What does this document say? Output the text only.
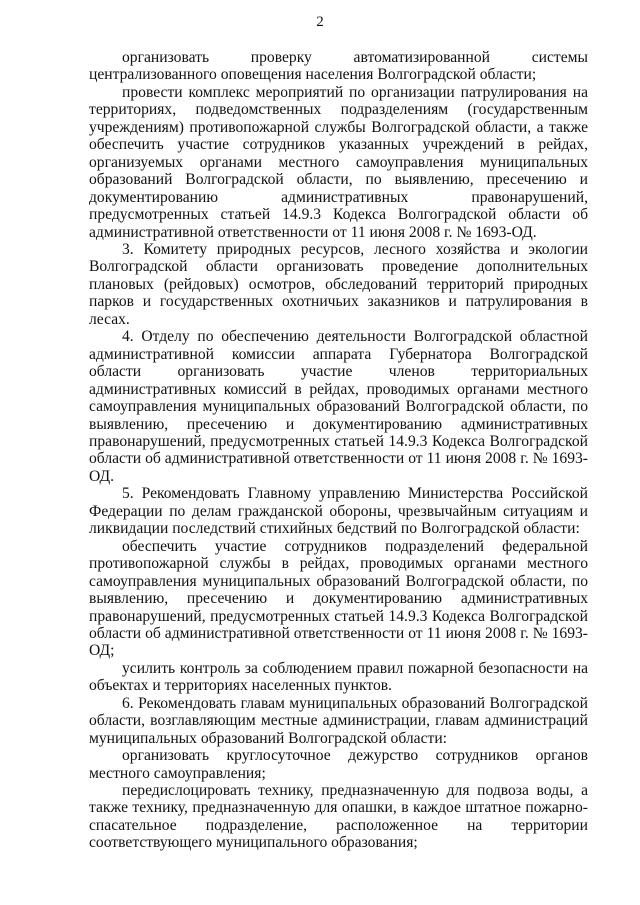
2

организовать проверку автоматизированной системы централизованного оповещения населения Волгоградской области;

провести комплекс мероприятий по организации патрулирования на территориях, подведомственных подразделениям (государственным учреждениям) противопожарной службы Волгоградской области, а также обеспечить участие сотрудников указанных учреждений в рейдах, организуемых органами местного самоуправления муниципальных образований Волгоградской области, по выявлению, пресечению и документированию административных правонарушений, предусмотренных статьей 14.9.3 Кодекса Волгоградской области об административной ответственности от 11 июня 2008 г. № 1693-ОД.

3. Комитету природных ресурсов, лесного хозяйства и экологии Волгоградской области организовать проведение дополнительных плановых (рейдовых) осмотров, обследований территорий природных парков и государственных охотничьих заказников и патрулирования в лесах.

4. Отделу по обеспечению деятельности Волгоградской областной административной комиссии аппарата Губернатора Волгоградской области организовать участие членов территориальных административных комиссий в рейдах, проводимых органами местного самоуправления муниципальных образований Волгоградской области, по выявлению, пресечению и документированию административных правонарушений, предусмотренных статьей 14.9.3 Кодекса Волгоградской области об административной ответственности от 11 июня 2008 г. № 1693-ОД.

5. Рекомендовать Главному управлению Министерства Российской Федерации по делам гражданской обороны, чрезвычайным ситуациям и ликвидации последствий стихийных бедствий по Волгоградской области:

обеспечить участие сотрудников подразделений федеральной противопожарной службы в рейдах, проводимых органами местного самоуправления муниципальных образований Волгоградской области, по выявлению, пресечению и документированию административных правонарушений, предусмотренных статьей 14.9.3 Кодекса Волгоградской области об административной ответственности от 11 июня 2008 г. № 1693-ОД;

усилить контроль за соблюдением правил пожарной безопасности на объектах и территориях населенных пунктов.

6. Рекомендовать главам муниципальных образований Волгоградской области, возглавляющим местные администрации, главам администраций муниципальных образований Волгоградской области:

организовать круглосуточное дежурство сотрудников органов местного самоуправления;

передислоцировать технику, предназначенную для подвоза воды, а также технику, предназначенную для опашки, в каждое штатное пожарно-спасательное подразделение, расположенное на территории соответствующего муниципального образования;
